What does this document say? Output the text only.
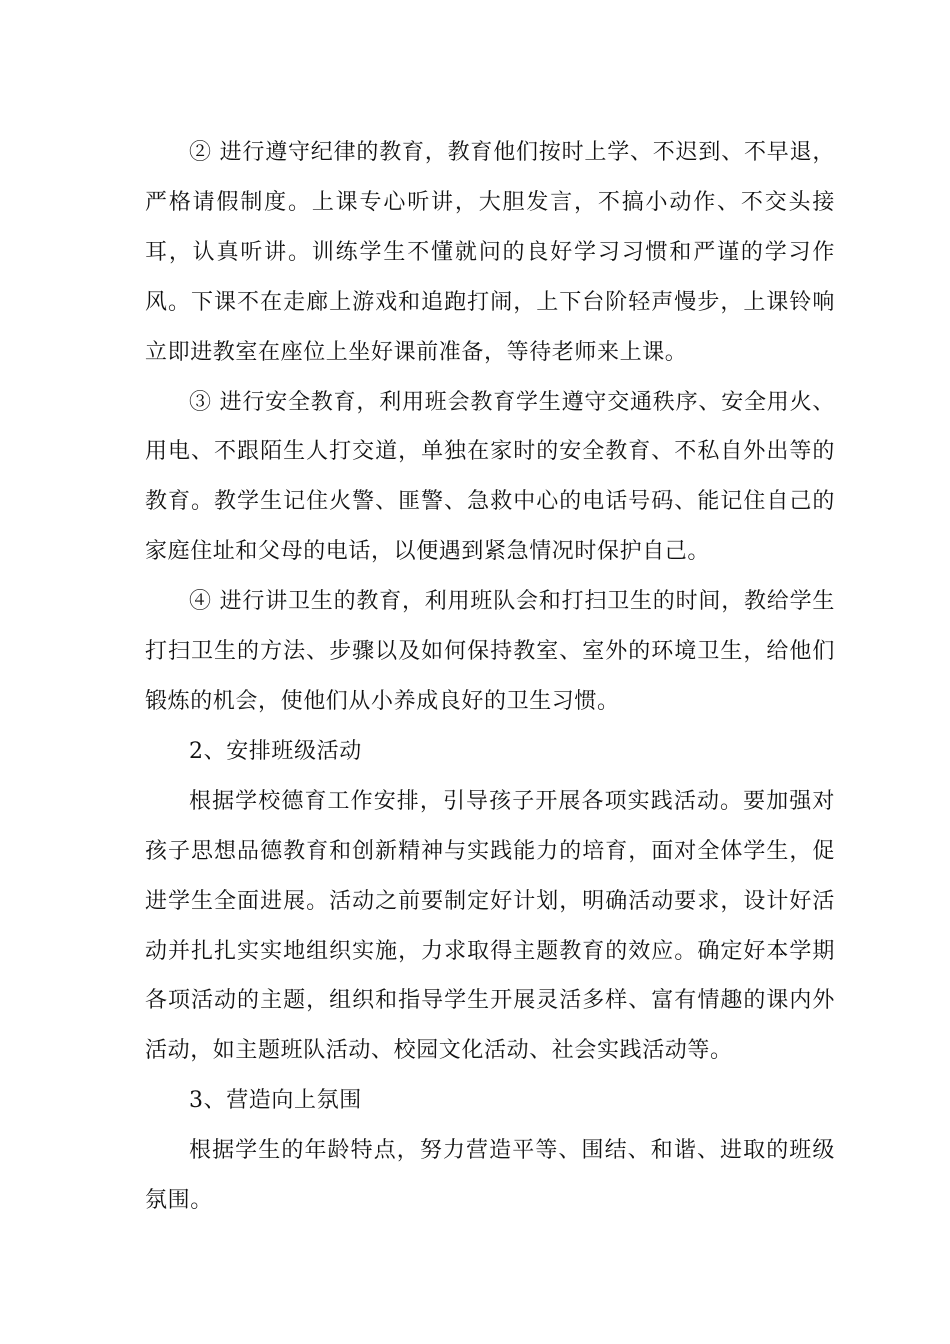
② 进行遵守纪律的教育，教育他们按时上学、不迟到、不早退，严格请假制度。上课专心听讲，大胆发言，不搞小动作、不交头接耳，认真听讲。训练学生不懂就问的良好学习习惯和严谨的学习作风。下课不在走廊上游戏和追跑打闹，上下台阶轻声慢步，上课铃响立即进教室在座位上坐好课前准备，等待老师来上课。

③ 进行安全教育，利用班会教育学生遵守交通秩序、安全用火、用电、不跟陌生人打交道，单独在家时的安全教育、不私自外出等的教育。教学生记住火警、匪警、急救中心的电话号码、能记住自己的家庭住址和父母的电话，以便遇到紧急情况时保护自己。

④ 进行讲卫生的教育，利用班队会和打扫卫生的时间，教给学生打扫卫生的方法、步骤以及如何保持教室、室外的环境卫生，给他们锻炼的机会，使他们从小养成良好的卫生习惯。

2、安排班级活动

根据学校德育工作安排，引导孩子开展各项实践活动。要加强对孩子思想品德教育和创新精神与实践能力的培育，面对全体学生，促进学生全面进展。活动之前要制定好计划，明确活动要求，设计好活动并扎扎实实地组织实施，力求取得主题教育的效应。确定好本学期各项活动的主题，组织和指导学生开展灵活多样、富有情趣的课内外活动，如主题班队活动、校园文化活动、社会实践活动等。

3、营造向上氛围

根据学生的年龄特点，努力营造平等、围结、和谐、进取的班级氛围。
